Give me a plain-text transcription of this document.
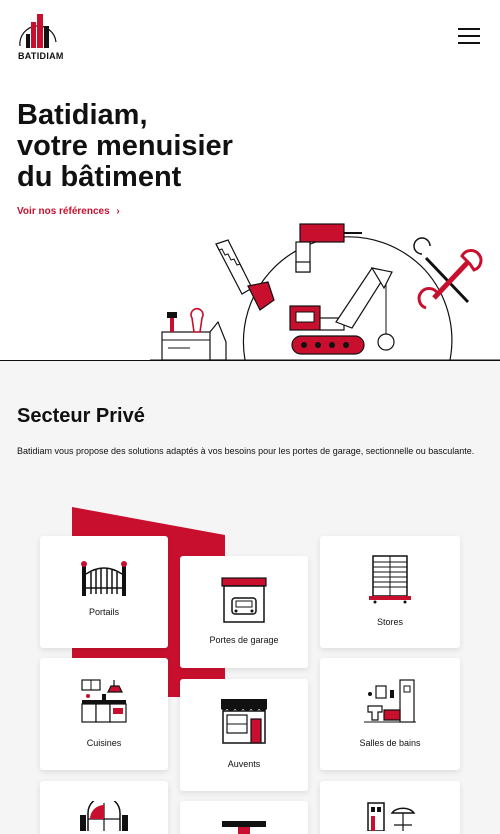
BATIDIAM
Batidiam,
votre menuisier
du bâtiment
Voir nos références ›
Secteur Privé
Batidiam vous propose des solutions adaptés à vos besoins pour les portes de garage, sectionnelle ou basculante.
Portails
Portes de garage
Stores
Cuisines
Auvents
Salles de bains
